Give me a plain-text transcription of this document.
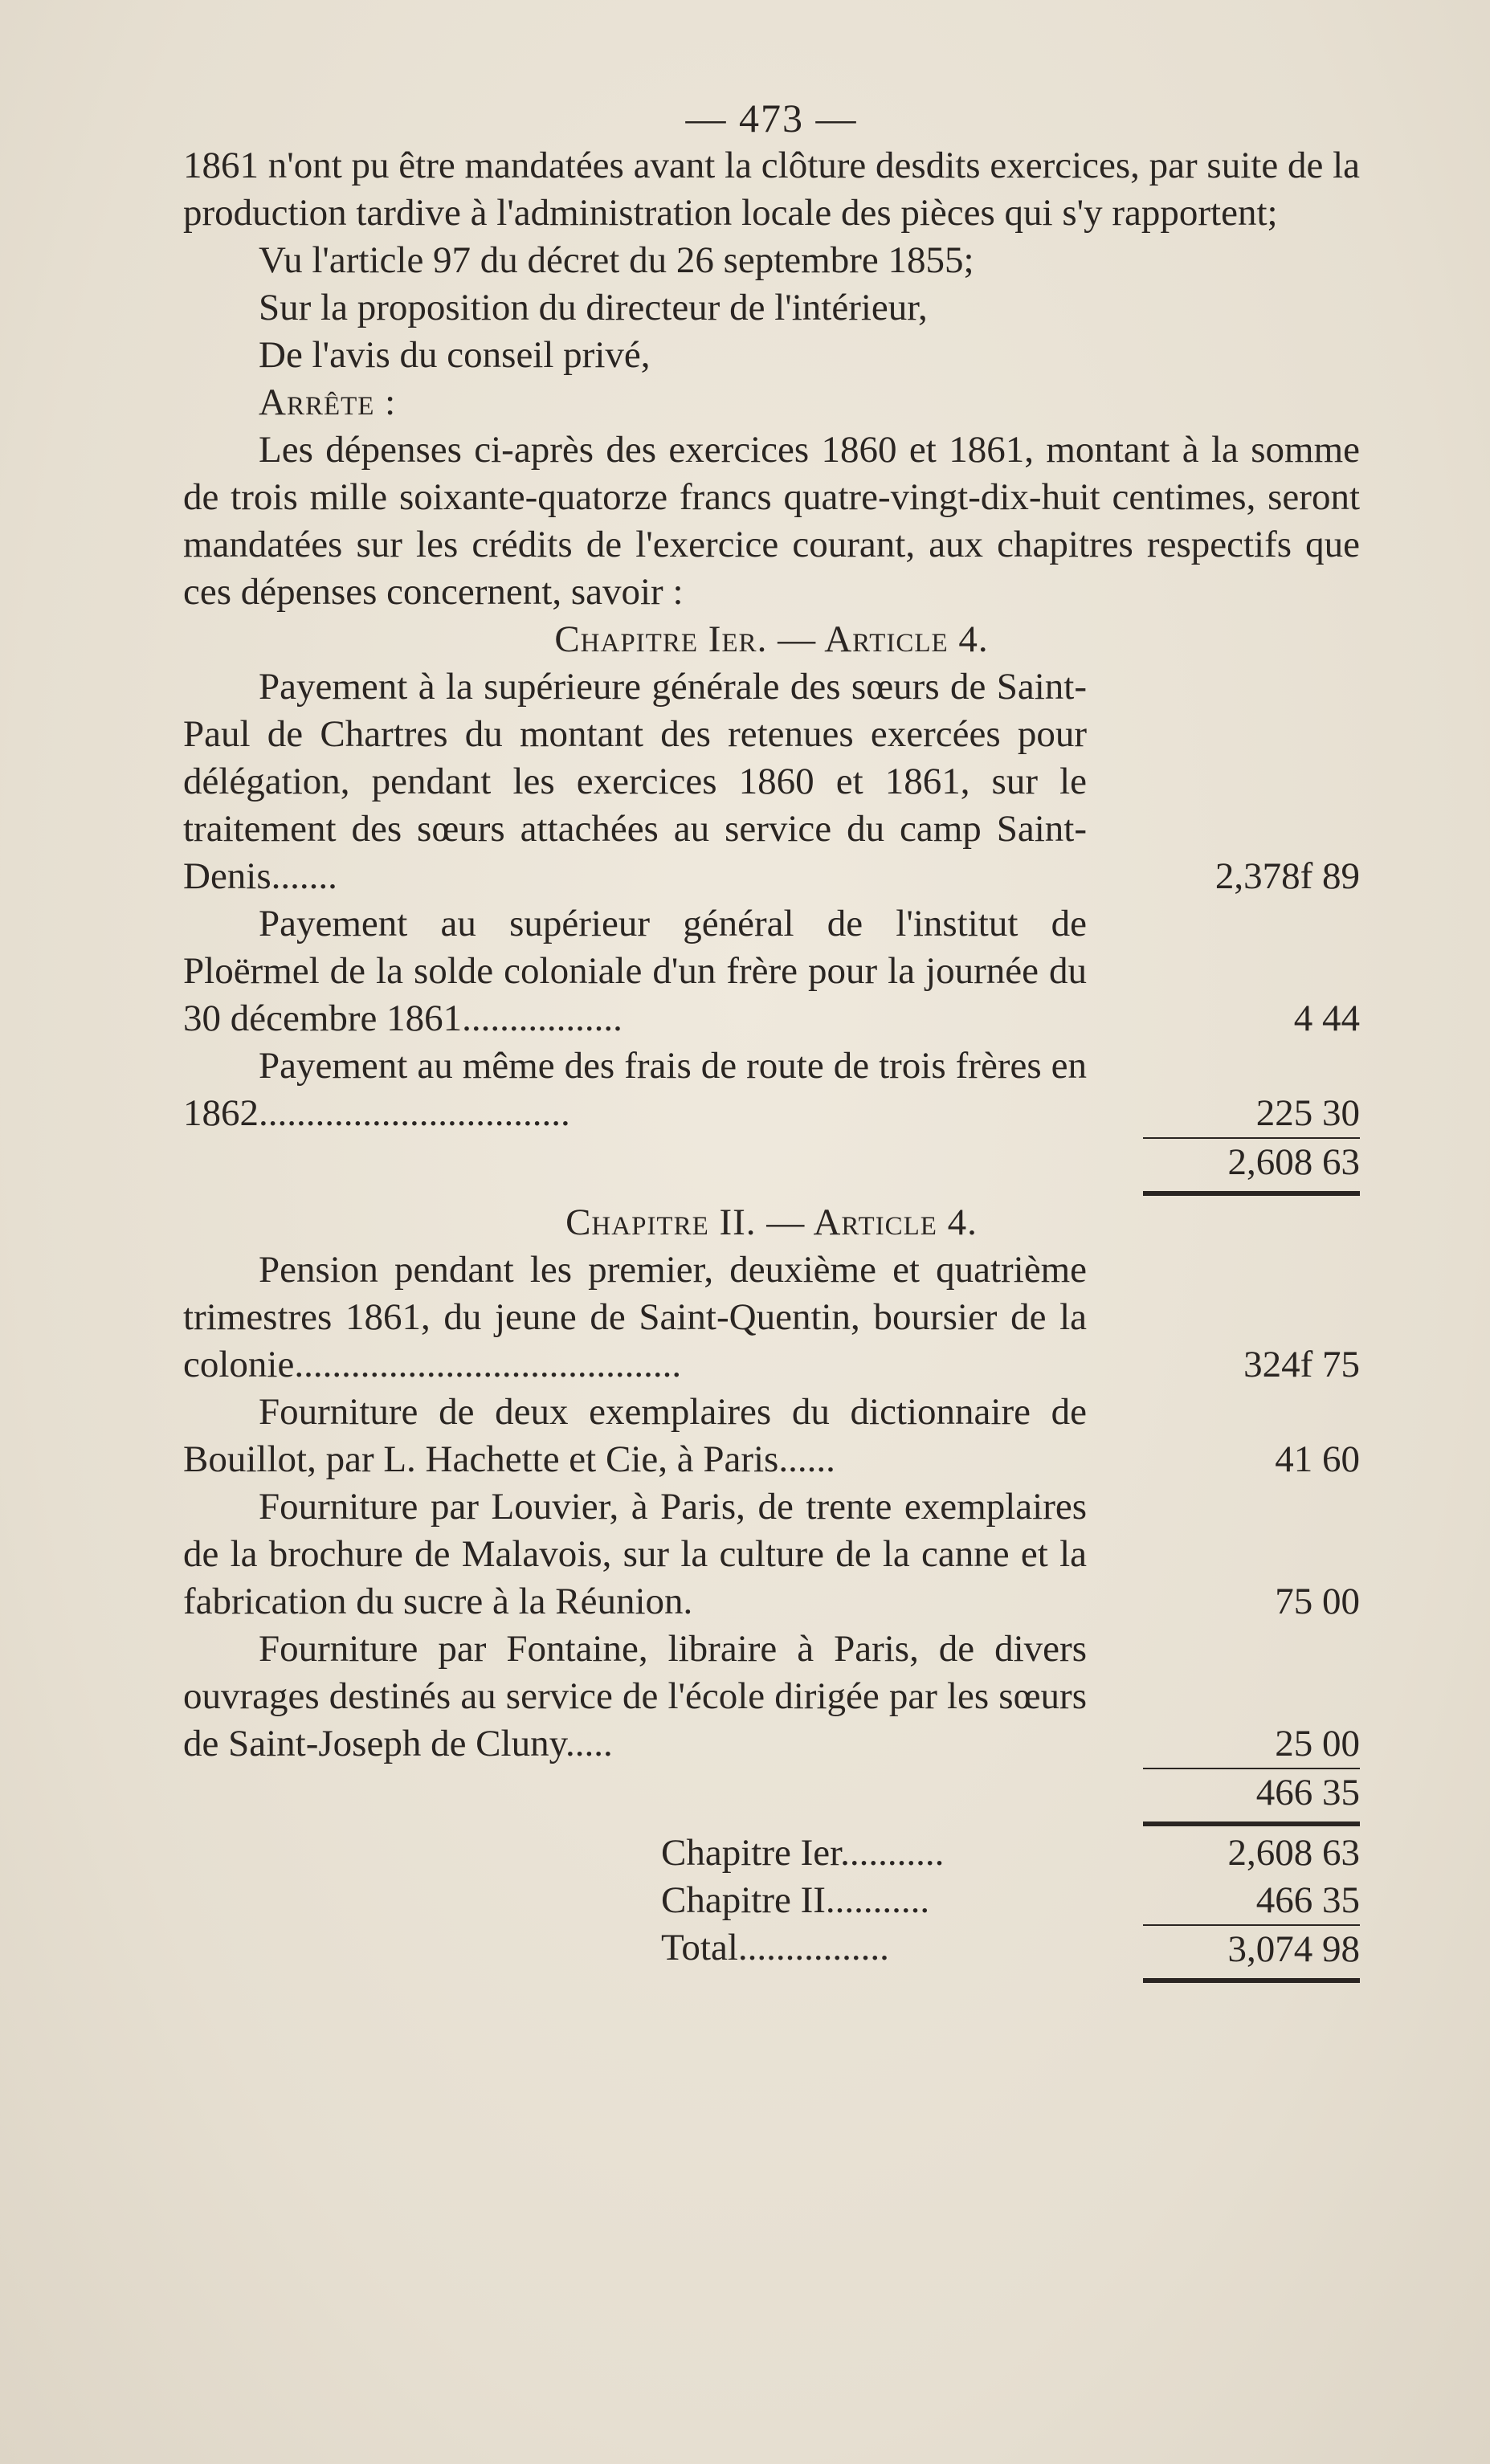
— 473 —
1861 n'ont pu être mandatées avant la clôture desdits exercices, par suite de la production tardive à l'administration locale des pièces qui s'y rapportent;
Vu l'article 97 du décret du 26 septembre 1855;
Sur la proposition du directeur de l'intérieur,
De l'avis du conseil privé,
Arrête :
Les dépenses ci-après des exercices 1860 et 1861, montant à la somme de trois mille soixante-quatorze francs quatre-vingt-dix-huit centimes, seront mandatées sur les crédits de l'exercice courant, aux chapitres respectifs que ces dépenses concernent, savoir :
Chapitre Ier. — Article 4.
Payement à la supérieure générale des sœurs de Saint-Paul de Chartres du montant des retenues exercées pour délégation, pendant les exercices 1860 et 1861, sur le traitement des sœurs attachées au service du camp Saint-Denis.......	2,378f 89
Payement au supérieur général de l'institut de Ploërmel de la solde coloniale d'un frère pour la journée du 30 décembre 1861.................	4 44
Payement au même des frais de route de trois frères en 1862.................................	225 30
2,608 63
Chapitre II. — Article 4.
Pension pendant les premier, deuxième et quatrième trimestres 1861, du jeune de Saint-Quentin, boursier de la colonie.........................................	324f 75
Fourniture de deux exemplaires du dictionnaire de Bouillot, par L. Hachette et Cie, à Paris......	41 60
Fourniture par Louvier, à Paris, de trente exemplaires de la brochure de Malavois, sur la culture de la canne et la fabrication du sucre à la Réunion.	75 00
Fourniture par Fontaine, libraire à Paris, de divers ouvrages destinés au service de l'école dirigée par les sœurs de Saint-Joseph de Cluny.....	25 00
466 35
Chapitre Ier...........	2,608 63
Chapitre II...........	466 35
Total................	3,074 98
